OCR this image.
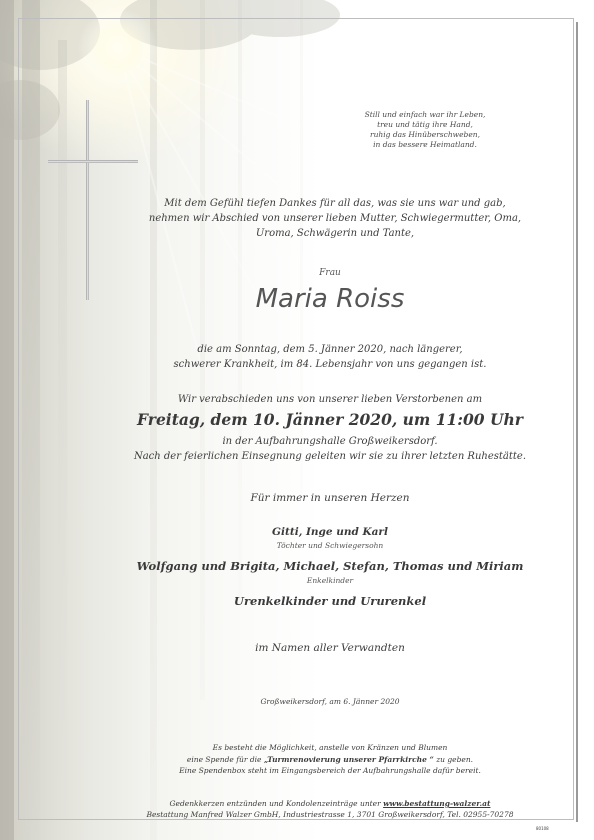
Still und einfach war ihr Leben,
treu und tätig ihre Hand,
ruhig das Hinüberschweben,
in das bessere Heimatland.
Mit dem Gefühl tiefen Dankes für all das, was sie uns war und gab,
nehmen wir Abschied von unserer lieben Mutter, Schwiegermutter, Oma,
Uroma, Schwägerin und Tante,
Frau
Maria Roiss
die am Sonntag, dem 5. Jänner 2020, nach längerer,
schwerer Krankheit, im 84. Lebensjahr von uns gegangen ist.
Wir verabschieden uns von unserer lieben Verstorbenen am
Freitag, dem 10. Jänner 2020, um 11:00 Uhr
in der Aufbahrungshalle Großweikersdorf.
Nach der feierlichen Einsegnung geleiten wir sie zu ihrer letzten Ruhestätte.
Für immer in unseren Herzen
Gitti, Inge und Karl
Töchter und Schwiegersohn
Wolfgang und Brigita, Michael, Stefan, Thomas und Miriam
Enkelkinder
Urenkelkinder und Ururenkel
im Namen aller Verwandten
Großweikersdorf, am 6. Jänner 2020
Es besteht die Möglichkeit, anstelle von Kränzen und Blumen
eine Spende für die „Turmrenovierung unserer Pfarrkirche “ zu geben.
Eine Spendenbox steht im Eingangsbereich der Aufbahrungshalle dafür bereit.
Gedenkkerzen entzünden und Kondolenzeinträge unter www.bestattung-walzer.at
Bestattung Manfred Walzer GmbH, Industriestrasse 1, 3701 Großweikersdorf, Tel. 02955-70278
80108
